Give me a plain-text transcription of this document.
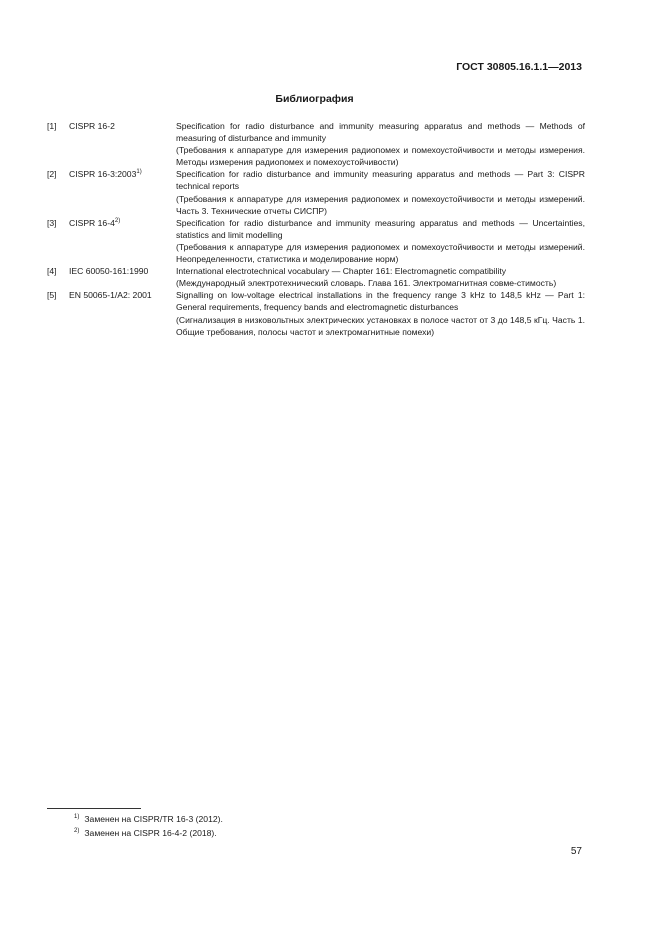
ГОСТ 30805.16.1.1—2013
Библиография
[1]	CISPR 16-2	Specification for radio disturbance and immunity measuring apparatus and methods — Methods of measuring of disturbance and immunity

(Требования к аппаратуре для измерения радиопомех и помехоустойчивости и методы измерения. Методы измерения радиопомех и помехоустойчивости)

[2]	CISPR 16-3:2003$^{1)}$	Specification for radio disturbance and immunity measuring apparatus and methods — Part 3: CISPR technical reports

(Требования к аппаратуре для измерения радиопомех и помехоустойчивости и методы измерений. Часть 3. Технические отчеты СИСПР)

[3]	CISPR 16-4$^{2)}$	Specification for radio disturbance and immunity measuring apparatus and methods — Uncertainties, statistics and limit modelling

(Требования к аппаратуре для измерения радиопомех и помехоустойчивости и методы измерений. Неопределенности, статистика и моделирование норм)

[4]	IEC 60050-161:1990	International electrotechnical vocabulary — Chapter 161: Electromagnetic compatibility

(Международный электротехнический словарь. Глава 161. Электромагнитная совме-стимость)

[5]	EN 50065-1/A2: 2001	Signalling on low-voltage electrical installations in the frequency range 3 kHz to 148,5 kHz — Part 1: General requirements, frequency bands and electromagnetic disturbances

(Сигнализация в низковольтных электрических установках в полосе частот от 3 до 148,5 кГц. Часть 1. Общие требования, полосы частот и электромагнитные помехи)

$^{1)}$ Заменен на CISPR/TR 16-3 (2012).
$^{2)}$ Заменен на CISPR 16-4-2 (2018).
57
